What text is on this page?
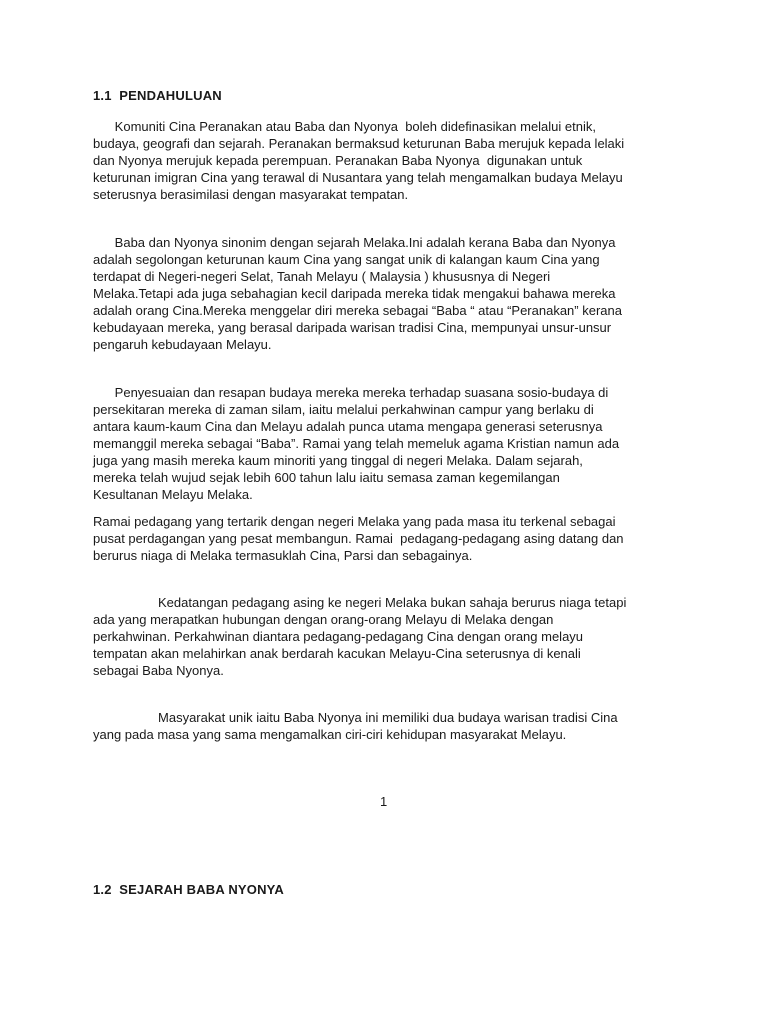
1.1  PENDAHULUAN
Komuniti Cina Peranakan atau Baba dan Nyonya  boleh didefinasikan melalui etnik,
budaya, geografi dan sejarah. Peranakan bermaksud keturunan Baba merujuk kepada lelaki
dan Nyonya merujuk kepada perempuan. Peranakan Baba Nyonya  digunakan untuk
keturunan imigran Cina yang terawal di Nusantara yang telah mengamalkan budaya Melayu
seterusnya berasimilasi dengan masyarakat tempatan.
Baba dan Nyonya sinonim dengan sejarah Melaka.Ini adalah kerana Baba dan Nyonya
adalah segolongan keturunan kaum Cina yang sangat unik di kalangan kaum Cina yang
terdapat di Negeri-negeri Selat, Tanah Melayu ( Malaysia ) khususnya di Negeri
Melaka.Tetapi ada juga sebahagian kecil daripada mereka tidak mengakui bahawa mereka
adalah orang Cina.Mereka menggelar diri mereka sebagai “Baba “ atau “Peranakan” kerana
kebudayaan mereka, yang berasal daripada warisan tradisi Cina, mempunyai unsur-unsur
pengaruh kebudayaan Melayu.
Penyesuaian dan resapan budaya mereka mereka terhadap suasana sosio-budaya di
persekitaran mereka di zaman silam, iaitu melalui perkahwinan campur yang berlaku di
antara kaum-kaum Cina dan Melayu adalah punca utama mengapa generasi seterusnya
memanggil mereka sebagai “Baba”. Ramai yang telah memeluk agama Kristian namun ada
juga yang masih mereka kaum minoriti yang tinggal di negeri Melaka. Dalam sejarah,
mereka telah wujud sejak lebih 600 tahun lalu iaitu semasa zaman kegemilangan
Kesultanan Melayu Melaka.
Ramai pedagang yang tertarik dengan negeri Melaka yang pada masa itu terkenal sebagai
pusat perdagangan yang pesat membangun. Ramai  pedagang-pedagang asing datang dan
berurus niaga di Melaka termasuklah Cina, Parsi dan sebagainya.
Kedatangan pedagang asing ke negeri Melaka bukan sahaja berurus niaga tetapi
ada yang merapatkan hubungan dengan orang-orang Melayu di Melaka dengan
perkahwinan. Perkahwinan diantara pedagang-pedagang Cina dengan orang melayu
tempatan akan melahirkan anak berdarah kacukan Melayu-Cina seterusnya di kenali
sebagai Baba Nyonya.
Masyarakat unik iaitu Baba Nyonya ini memiliki dua budaya warisan tradisi Cina
yang pada masa yang sama mengamalkan ciri-ciri kehidupan masyarakat Melayu.
1
1.2  SEJARAH BABA NYONYA
